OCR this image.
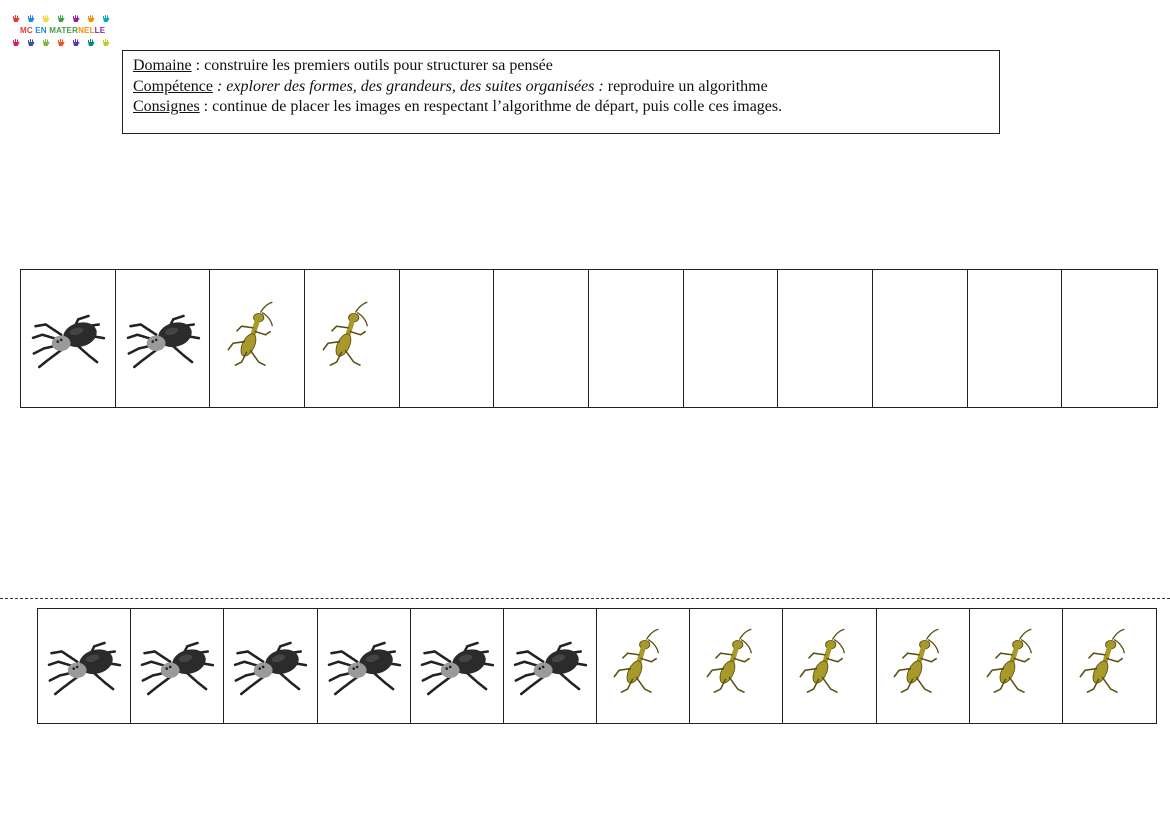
MC EN MATERNELLE
Domaine : construire les premiers outils pour structurer sa pensée
Compétence : explorer des formes, des grandeurs, des suites organisées : reproduire un algorithme
Consignes : continue de placer les images en respectant l’algorithme de départ, puis colle ces images.
